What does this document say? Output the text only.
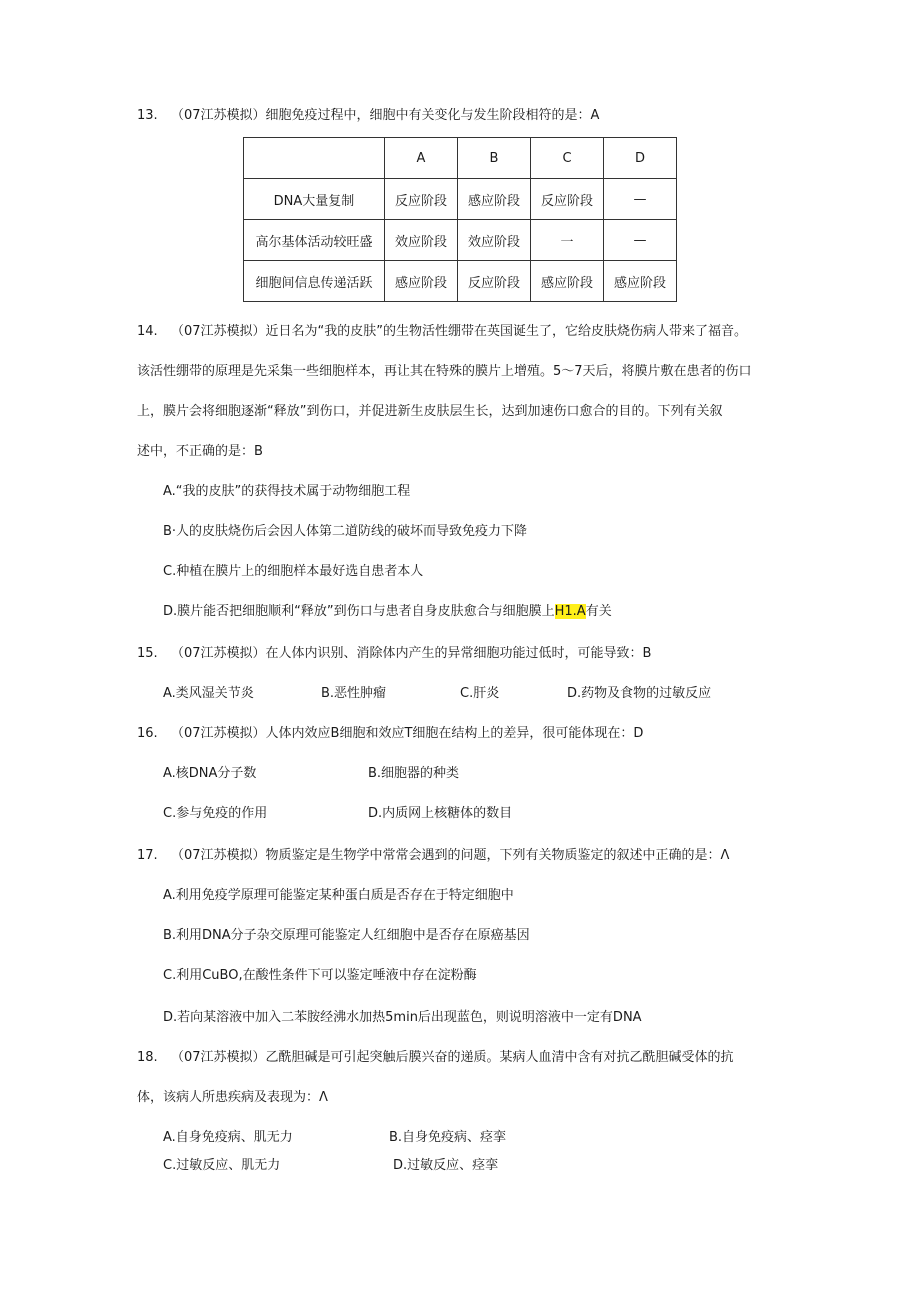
13. （07江苏模拟）细胞免疫过程中，细胞中有关变化与发生阶段相符的是：A
	A	B	C	D
DNA大量复制	反应阶段	感应阶段	反应阶段	—
高尔基体活动较旺盛	效应阶段	效应阶段	一	—
细胞间信息传递活跃	感应阶段	反应阶段	感应阶段	感应阶段
14. （07江苏模拟）近日名为“我的皮肤”的生物活性绷带在英国诞生了，它给皮肤烧伤病人带来了福音。
该活性绷带的原理是先采集一些细胞样本，再让其在特殊的膜片上增殖。5～7天后，将膜片敷在患者的伤口
上，膜片会将细胞逐渐“释放”到伤口，并促进新生皮肤层生长，达到加速伤口愈合的目的。下列有关叙
述中，不正确的是：B
A.“我的皮肤”的获得技术属于动物细胞工程
B·人的皮肤烧伤后会因人体第二道防线的破坏而导致免疫力下降
C.种植在膜片上的细胞样本最好选自患者本人
D.膜片能否把细胞顺利“释放”到伤口与患者自身皮肤愈合与细胞膜上H1.A有关
15. （07江苏模拟）在人体内识别、消除体内产生的异常细胞功能过低时，可能导致：B
A.类风湿关节炎	B.恶性肿瘤	C.肝炎	D.药物及食物的过敏反应
16. （07江苏模拟）人体内效应B细胞和效应T细胞在结构上的差异，很可能体现在：D
A.核DNA分子数	B.细胞器的种类
C.参与免疫的作用	D.内质网上核糖体的数目
17. （07江苏模拟）物质鉴定是生物学中常常会遇到的问题，下列有关物质鉴定的叙述中正确的是：Λ
A.利用免疫学原理可能鉴定某种蛋白质是否存在于特定细胞中
B.利用DNA分子杂交原理可能鉴定人红细胞中是否存在原癌基因
C.利用CuBO,在酸性条件下可以鉴定唾液中存在淀粉酶
D.若向某溶液中加入二苯胺经沸水加热5min后出现蓝色，则说明溶液中一定有DNA
18. （07江苏模拟）乙酰胆碱是可引起突触后膜兴奋的递质。某病人血清中含有对抗乙酰胆碱受体的抗
体，该病人所患疾病及表现为：Λ
A.自身免疫病、肌无力	B.自身免疫病、痉挛
C.过敏反应、肌无力	D.过敏反应、痉挛
